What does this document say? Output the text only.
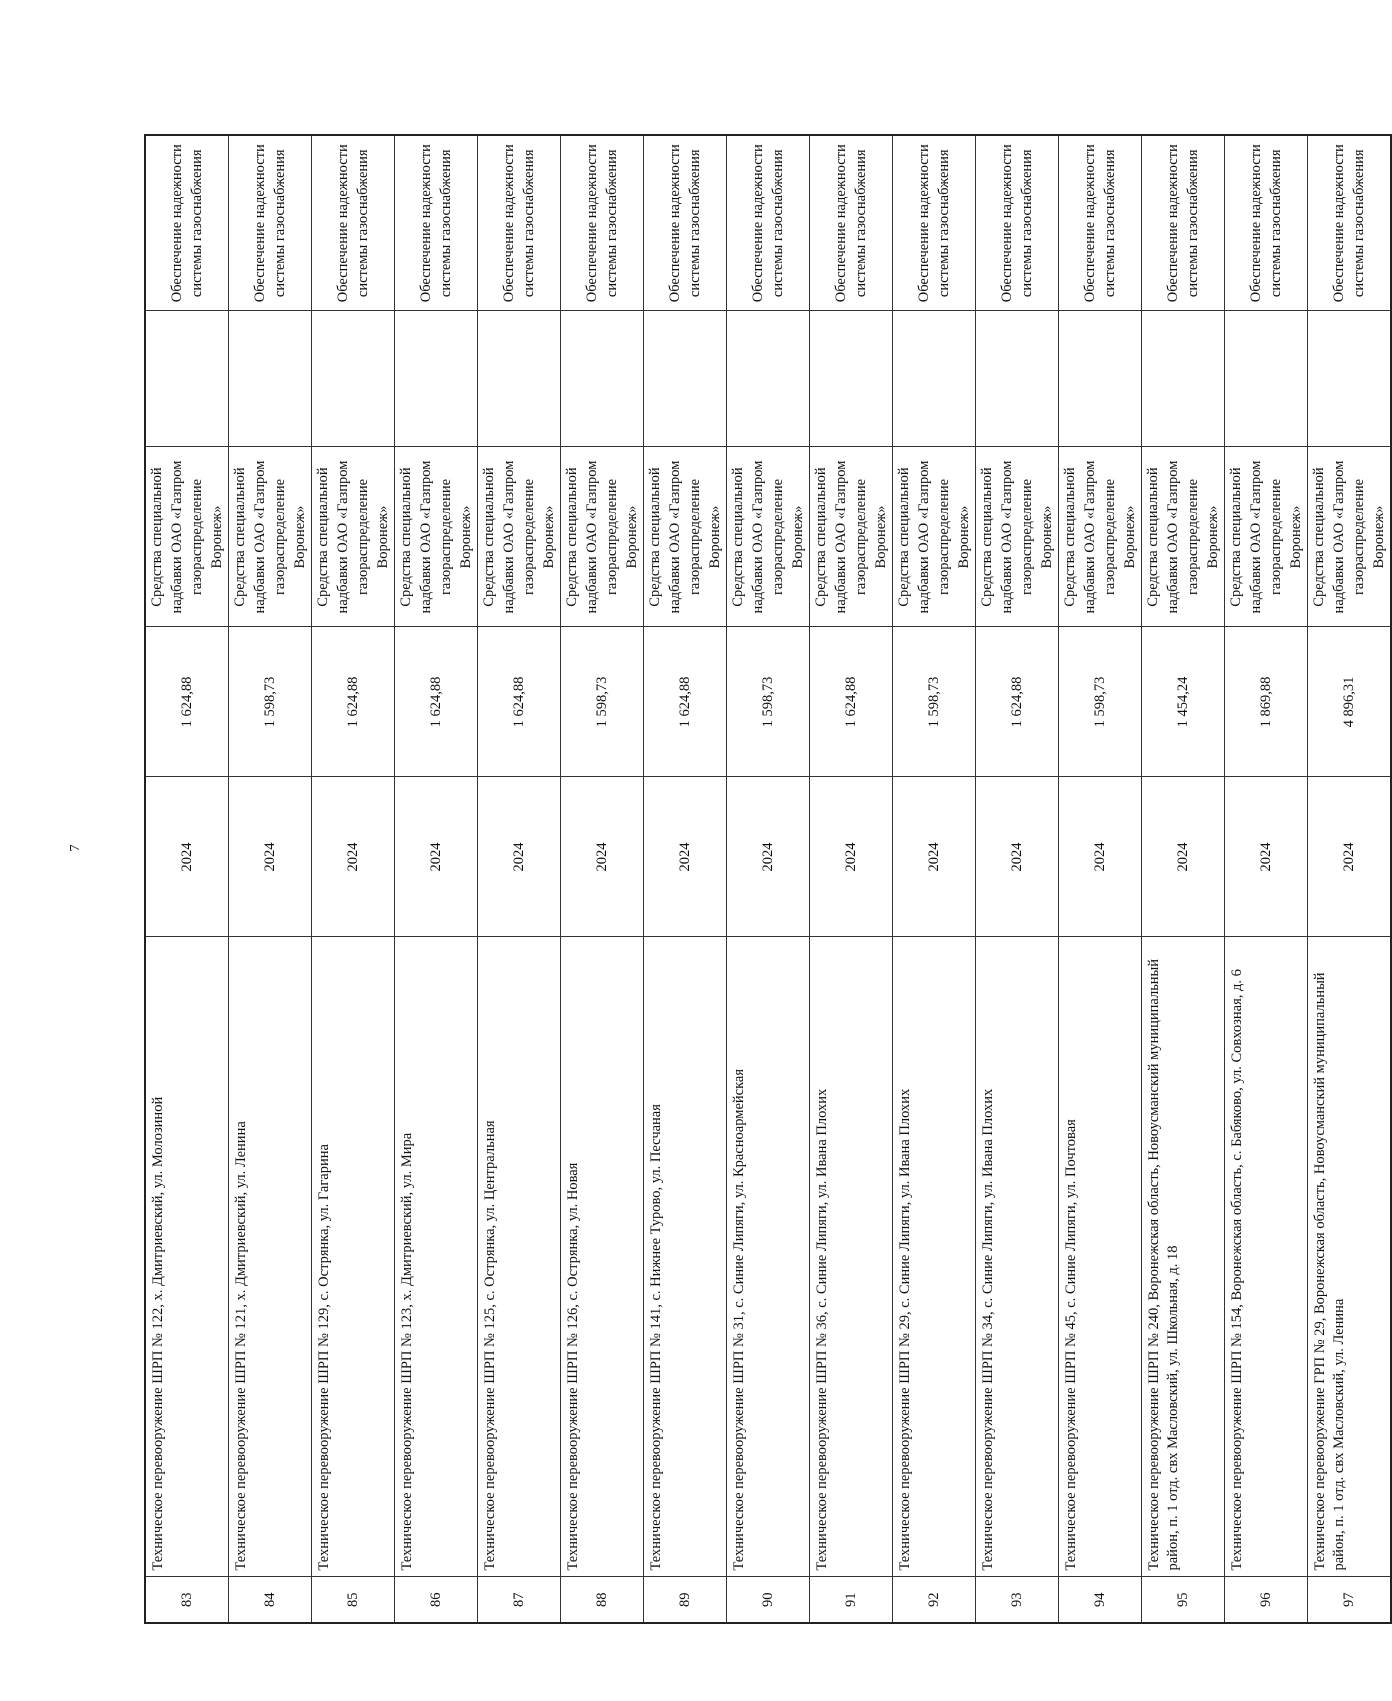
7
83	Техническое перевооружение ШРП № 122, х. Дмитриевский, ул. Молозиной	2024	1 624,88	Средства специальной надбавки ОАО «Газпром газораспределение Воронеж»		Обеспечение надежности системы газоснабжения
84	Техническое перевооружение ШРП № 121, х. Дмитриевский, ул. Ленина	2024	1 598,73	Средства специальной надбавки ОАО «Газпром газораспределение Воронеж»		Обеспечение надежности системы газоснабжения
85	Техническое перевооружение ШРП № 129, с. Острянка, ул. Гагарина	2024	1 624,88	Средства специальной надбавки ОАО «Газпром газораспределение Воронеж»		Обеспечение надежности системы газоснабжения
86	Техническое перевооружение ШРП № 123, х. Дмитриевский, ул. Мира	2024	1 624,88	Средства специальной надбавки ОАО «Газпром газораспределение Воронеж»		Обеспечение надежности системы газоснабжения
87	Техническое перевооружение ШРП № 125, с. Острянка, ул. Центральная	2024	1 624,88	Средства специальной надбавки ОАО «Газпром газораспределение Воронеж»		Обеспечение надежности системы газоснабжения
88	Техническое перевооружение ШРП № 126, с. Острянка, ул. Новая	2024	1 598,73	Средства специальной надбавки ОАО «Газпром газораспределение Воронеж»		Обеспечение надежности системы газоснабжения
89	Техническое перевооружение ШРП № 141, с. Нижнее Турово, ул. Песчаная	2024	1 624,88	Средства специальной надбавки ОАО «Газпром газораспределение Воронеж»		Обеспечение надежности системы газоснабжения
90	Техническое перевооружение ШРП № 31, с. Синие Липяги, ул. Красноармейская	2024	1 598,73	Средства специальной надбавки ОАО «Газпром газораспределение Воронеж»		Обеспечение надежности системы газоснабжения
91	Техническое перевооружение ШРП № 36, с. Синие Липяги, ул. Ивана Плохих	2024	1 624,88	Средства специальной надбавки ОАО «Газпром газораспределение Воронеж»		Обеспечение надежности системы газоснабжения
92	Техническое перевооружение ШРП № 29, с. Синие Липяги, ул. Ивана Плохих	2024	1 598,73	Средства специальной надбавки ОАО «Газпром газораспределение Воронеж»		Обеспечение надежности системы газоснабжения
93	Техническое перевооружение ШРП № 34, с. Синие Липяги, ул. Ивана Плохих	2024	1 624,88	Средства специальной надбавки ОАО «Газпром газораспределение Воронеж»		Обеспечение надежности системы газоснабжения
94	Техническое перевооружение ШРП № 45, с. Синие Липяги, ул. Почтовая	2024	1 598,73	Средства специальной надбавки ОАО «Газпром газораспределение Воронеж»		Обеспечение надежности системы газоснабжения
95	Техническое перевооружение ШРП № 240, Воронежская область, Новоусманский муниципальный район, п. 1 отд. свх Масловский, ул. Школьная, д. 18	2024	1 454,24	Средства специальной надбавки ОАО «Газпром газораспределение Воронеж»		Обеспечение надежности системы газоснабжения
96	Техническое перевооружение ШРП № 154, Воронежская область, с. Бабяково, ул. Совхозная, д. 6	2024	1 869,88	Средства специальной надбавки ОАО «Газпром газораспределение Воронеж»		Обеспечение надежности системы газоснабжения
97	Техническое перевооружение ГРП № 29, Воронежская область, Новоусманский муниципальный район, п. 1 отд. свх Масловский, ул. Ленина	2024	4 896,31	Средства специальной надбавки ОАО «Газпром газораспределение Воронеж»		Обеспечение надежности системы газоснабжения
